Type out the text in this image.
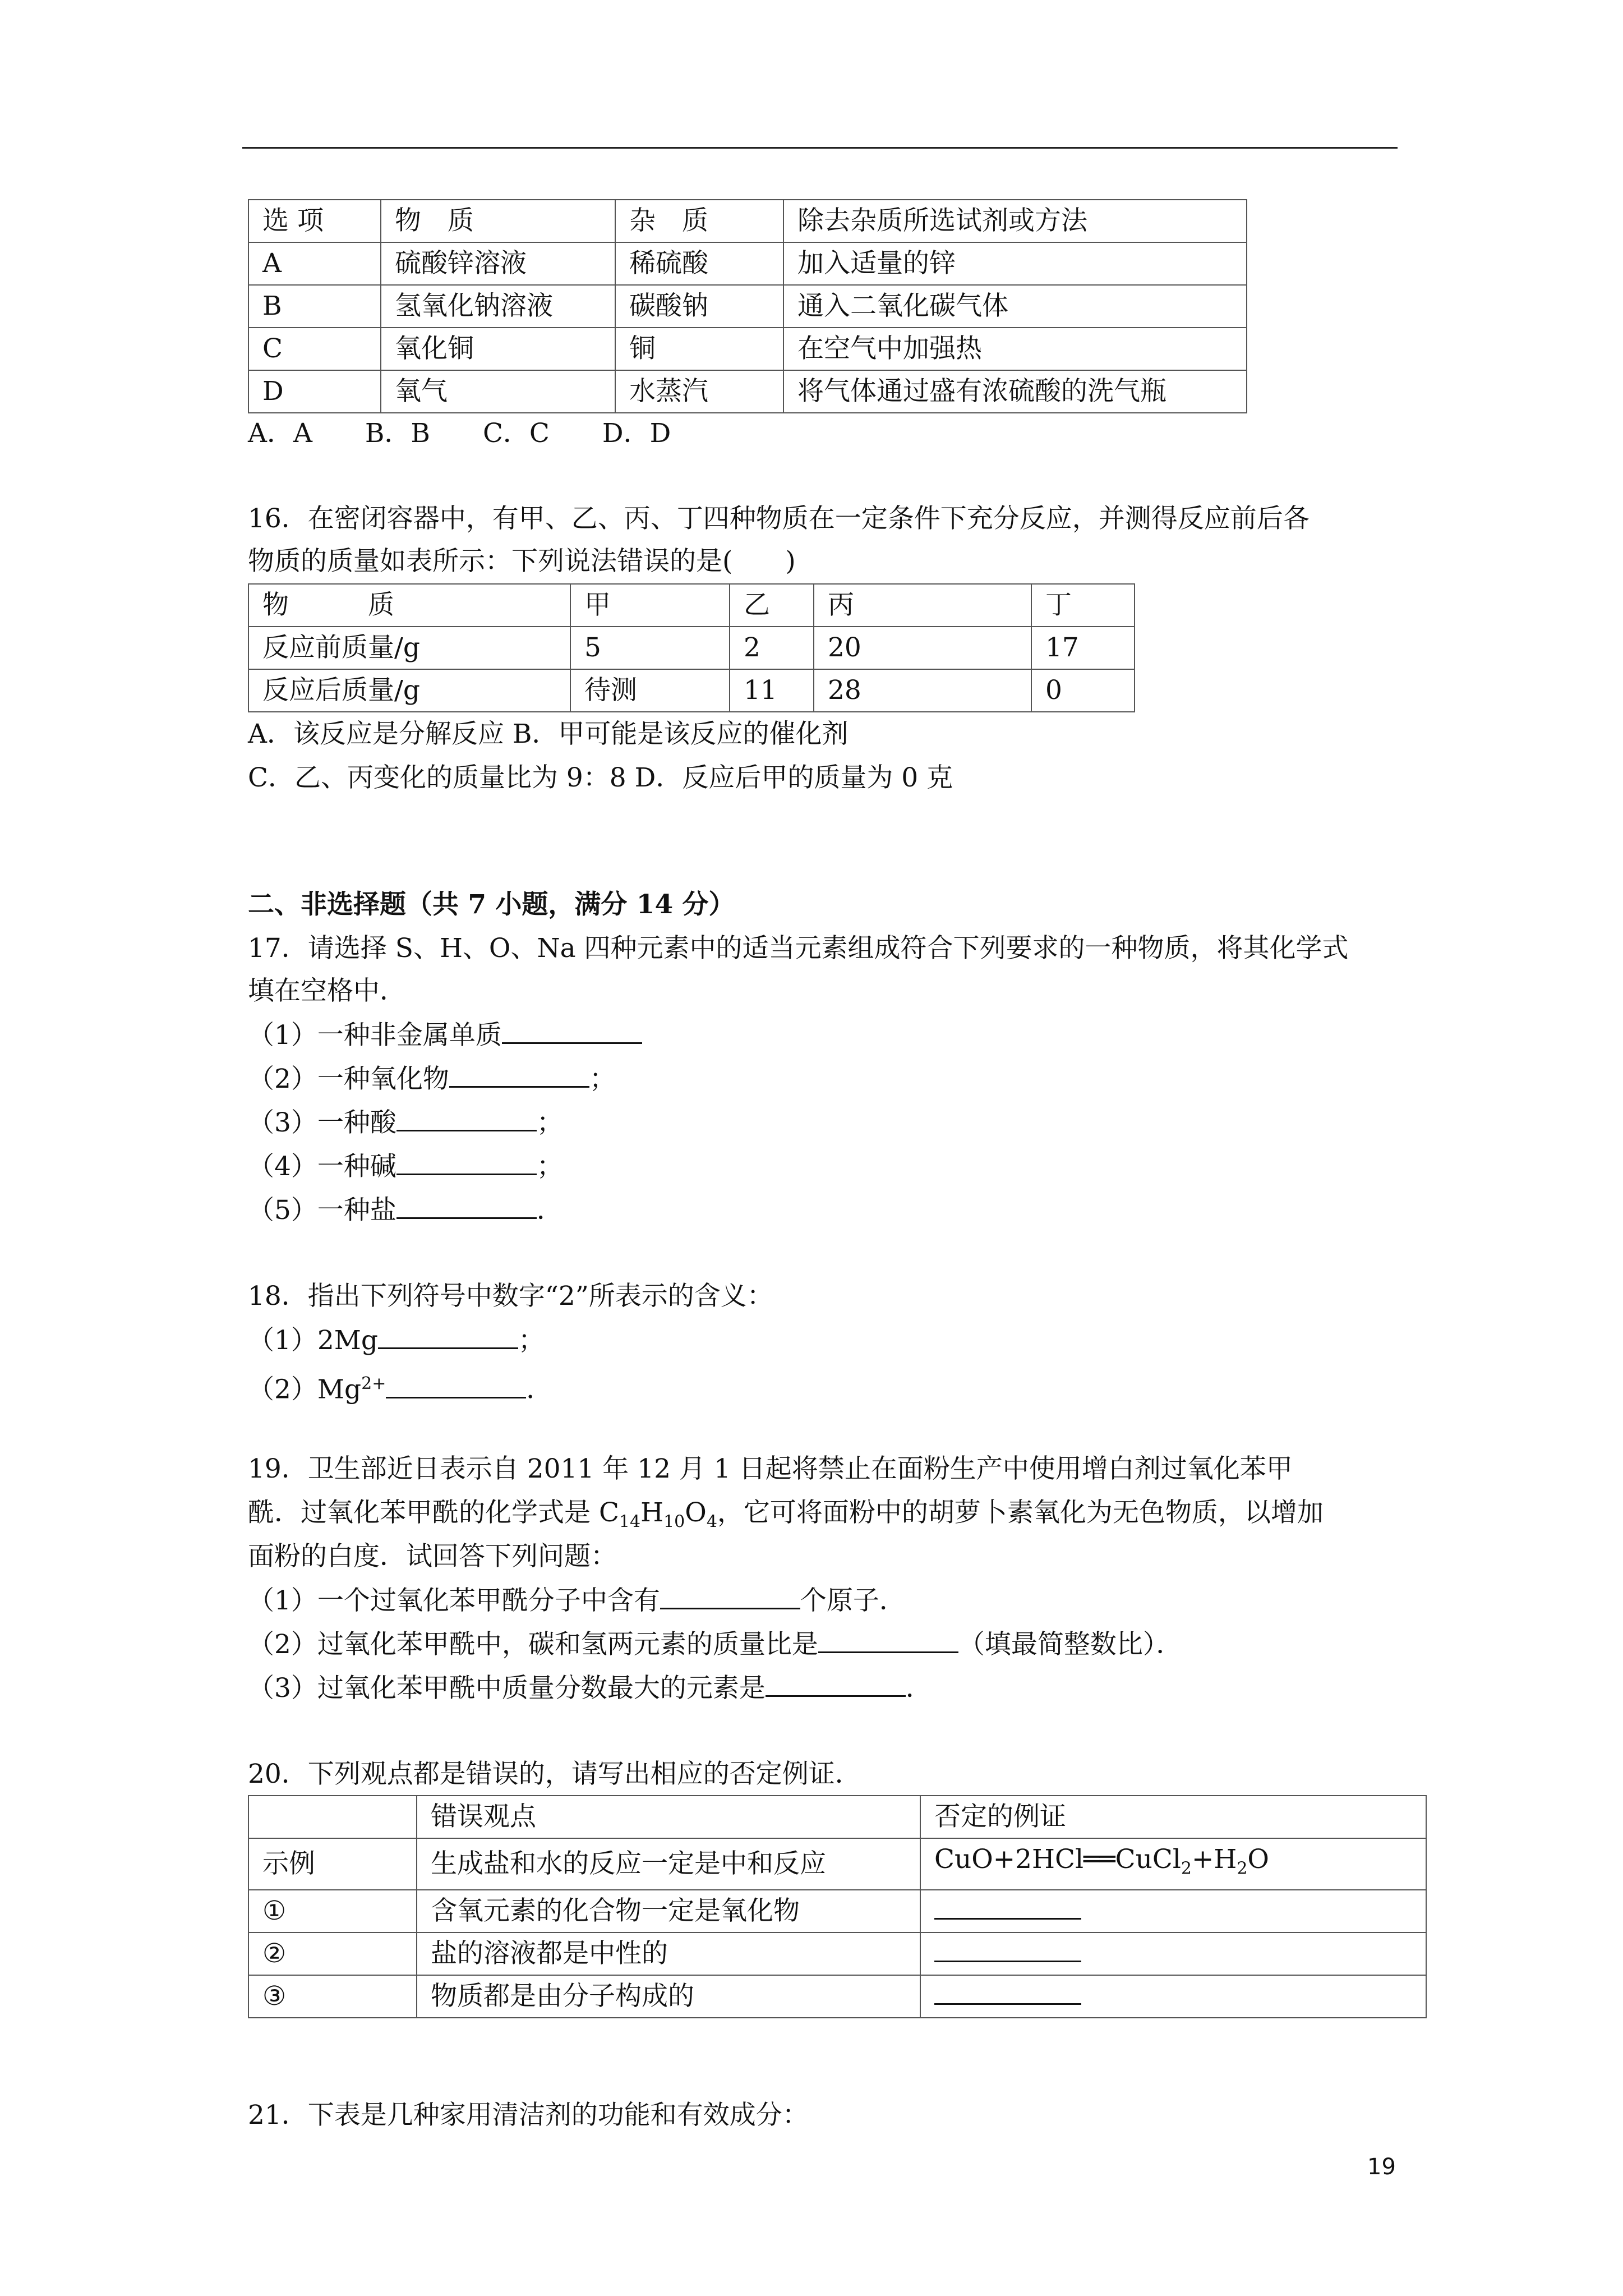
选 项	物　质	杂　质	除去杂质所选试剂或方法
A	硫酸锌溶液	稀硫酸	加入适量的锌
B	氢氧化钠溶液	碳酸钠	通入二氧化碳气体
C	氧化铜	铜	在空气中加强热
D	氧气	水蒸汽	将气体通过盛有浓硫酸的洗气瓶
A．A　　B．B　　C．C　　D．D
16．在密闭容器中，有甲、乙、丙、丁四种物质在一定条件下充分反应，并测得反应前后各
物质的质量如表所示：下列说法错误的是(　　)
物　　　质	甲	乙	丙	丁
反应前质量/g	5	2	20	17
反应后质量/g	待测	11	28	0
A．该反应是分解反应 B．甲可能是该反应的催化剂
C．乙、丙变化的质量比为 9：8 D．反应后甲的质量为 0 克
二、非选择题（共 7 小题，满分 14 分）
17．请选择 S、H、O、Na 四种元素中的适当元素组成符合下列要求的一种物质，将其化学式
填在空格中．
（1）一种非金属单质
（2）一种氧化物	；
（3）一种酸	；
（4）一种碱	；
（5）一种盐	．
18．指出下列符号中数字“2”所表示的含义：
（1）2Mg	；
$(2)Mg^{2+}$	．
19．卫生部近日表示自 2011 年 12 月 1 日起将禁止在面粉生产中使用增白剂过氧化苯甲
酰．过氧化苯甲酰的化学式是 $C_{14}H_{10}O_4$，它可将面粉中的胡萝卜素氧化为无色物质，以增加
面粉的白度．试回答下列问题：
（1）一个过氧化苯甲酰分子中含有	个原子．
（2）过氧化苯甲酰中，碳和氢两元素的质量比是	（填最简整数比）．
（3）过氧化苯甲酰中质量分数最大的元素是	．
20．下列观点都是错误的，请写出相应的否定例证．
	错误观点	否定的例证
示例	生成盐和水的反应一定是中和反应	$CuO+2HCl══CuCl_2+H_2O$
①	含氧元素的化合物一定是氧化物	
②	盐的溶液都是中性的	
③	物质都是由分子构成的	
21．下表是几种家用清洁剂的功能和有效成分：
19
